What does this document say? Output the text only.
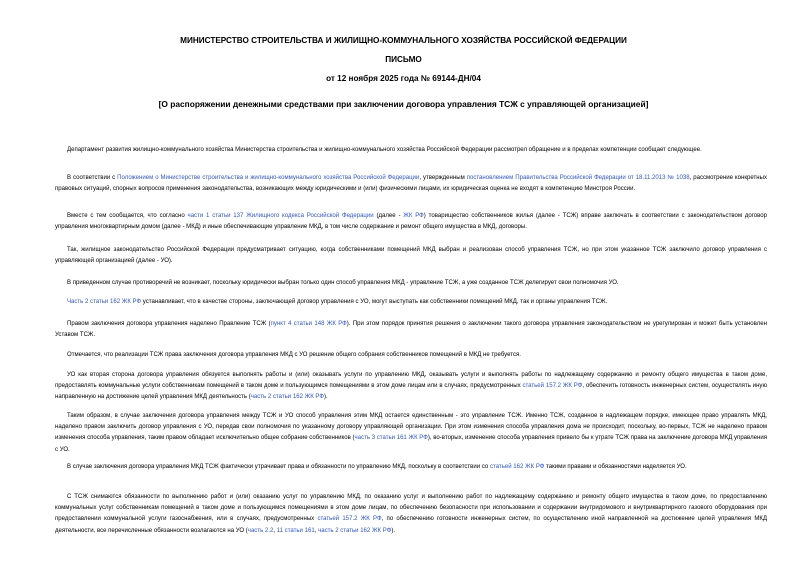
МИНИСТЕРСТВО СТРОИТЕЛЬСТВА И ЖИЛИЩНО-КОММУНАЛЬНОГО ХОЗЯЙСТВА РОССИЙСКОЙ ФЕДЕРАЦИИ
ПИСЬМО
от 12 ноября 2025 года № 69144-ДН/04
[О распоряжении денежными средствами при заключении договора управления ТСЖ с управляющей организацией]

Департамент развития жилищно-коммунального хозяйства Министерства строительства и жилищно-коммунального хозяйства Российской Федерации рассмотрел обращение и в пределах компетенции сообщает следующее.

В соответствии с Положением о Министерстве строительства и жилищно-коммунального хозяйства Российской Федерации, утвержденным постановлением Правительства Российской Федерации от 18.11.2013 № 1038, рассмотрение конкретных правовых ситуаций, спорных вопросов применения законодательства, возникающих между юридическими и (или) физическими лицами, их юридическая оценка не входят в компетенцию Минстроя России.

Вместе с тем сообщается, что согласно части 1 статьи 137 Жилищного кодекса Российской Федерации (далее - ЖК РФ) товарищество собственников жилья (далее - ТСЖ) вправе заключать в соответствии с законодательством договор управления многоквартирным домом (далее - МКД) и иные обеспечивающие управление МКД, в том числе содержание и ремонт общего имущества в МКД, договоры.

Так, жилищное законодательство Российской Федерации предусматривает ситуацию, когда собственниками помещений МКД выбран и реализован способ управления ТСЖ, но при этом указанное ТСЖ заключило договор управления с управляющей организацией (далее - УО).

В приведенном случае противоречий не возникает, поскольку юридически выбран только один способ управления МКД - управление ТСЖ, а уже созданное ТСЖ делегирует свои полномочия УО.

Часть 2 статьи 162 ЖК РФ устанавливает, что в качестве стороны, заключающей договор управления с УО, могут выступать как собственники помещений МКД, так и органы управления ТСЖ.

Правом заключения договора управления наделено Правление ТСЖ (пункт 4 статьи 148 ЖК РФ). При этом порядок принятия решения о заключении такого договора управления законодательством не урегулирован и может быть установлен Уставом ТСЖ.

Отмечается, что реализации ТСЖ права заключения договора управления МКД с УО решение общего собрания собственников помещений в МКД не требуется.

УО как вторая сторона договора управления обязуется выполнять работы и (или) оказывать услуги по управлению МКД, оказывать услуги и выполнять работы по надлежащему содержанию и ремонту общего имущества в таком доме, предоставлять коммунальные услуги собственникам помещений в таком доме и пользующимся помещениями в этом доме лицам или в случаях, предусмотренных статьей 157.2 ЖК РФ, обеспечить готовность инженерных систем, осуществлять иную направленную на достижение целей управления МКД деятельность (часть 2 статьи 162 ЖК РФ).

Таким образом, в случае заключения договора управления между ТСЖ и УО способ управления этим МКД остается единственным - это управление ТСЖ. Именно ТСЖ, созданное в надлежащем порядке, имеющее право управлять МКД, наделено правом заключить договор управления с УО, передав свои полномочия по указанному договору управляющей организации. При этом изменения способа управления дома не происходит, поскольку, во-первых, ТСЖ не наделено правом изменения способа управления, таким правом обладает исключительно общее собрание собственников (часть 3 статьи 161 ЖК РФ), во-вторых, изменение способа управления привело бы к утрате ТСЖ права на заключение договора МКД управления с УО.

В случае заключения договора управления МКД ТСЖ фактически утрачивает права и обязанности по управлению МКД, поскольку в соответствии со статьей 162 ЖК РФ такими правами и обязанностями наделяется УО.

С ТСЖ снимаются обязанности по выполнению работ и (или) оказанию услуг по управлению МКД, по оказанию услуг и выполнению работ по надлежащему содержанию и ремонту общего имущества в таком доме, по предоставлению коммунальных услуг собственникам помещений в таком доме и пользующимся помещениями в этом доме лицам, по обеспечению безопасности при использовании и содержании внутридомового и внутриквартирного газового оборудования при предоставлении коммунальной услуги газоснабжения, или в случаях, предусмотренных статьей 157.2 ЖК РФ, по обеспечению готовности инженерных систем, по осуществлению иной направленной на достижение целей управления МКД деятельности, все перечисленные обязанности возлагаются на УО (часть 2.2, 11 статьи 161, часть 2 статьи 162 ЖК РФ).
